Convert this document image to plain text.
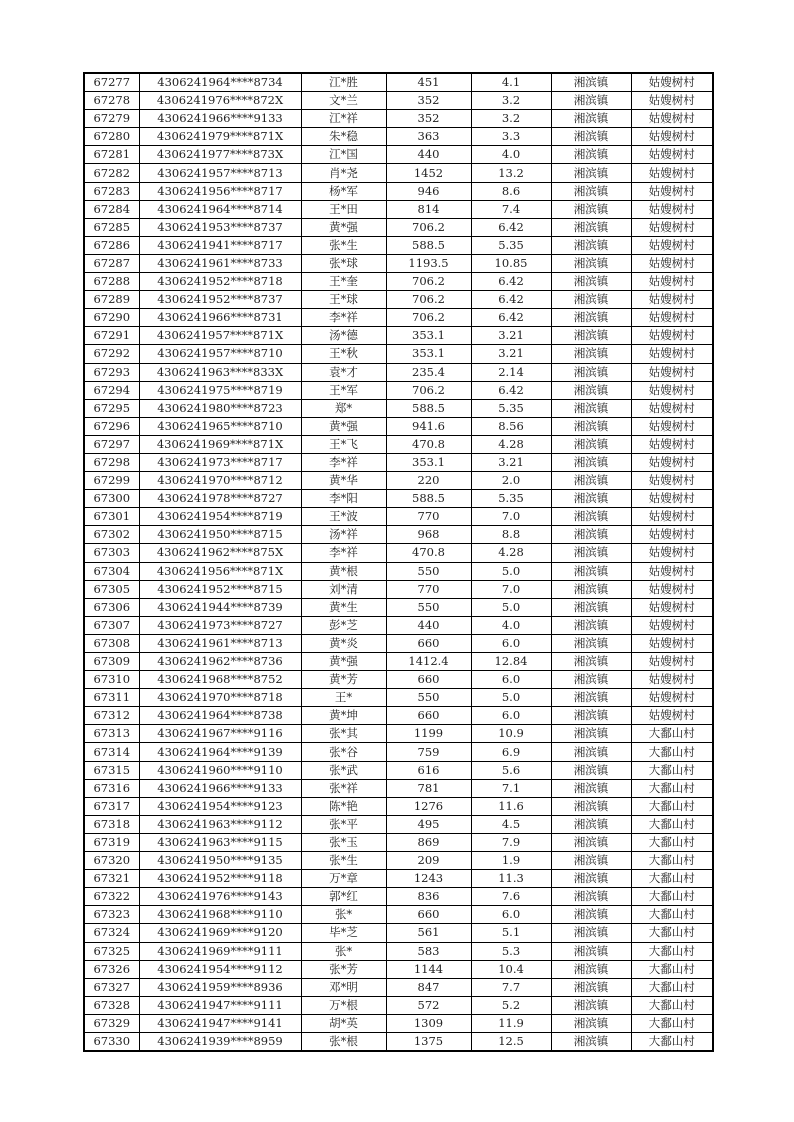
67277	4306241964****8734	江*胜	451	4.1	湘滨镇	姑嫂树村
67278	4306241976****872X	文*兰	352	3.2	湘滨镇	姑嫂树村
67279	4306241966****9133	江*祥	352	3.2	湘滨镇	姑嫂树村
67280	4306241979****871X	朱*稳	363	3.3	湘滨镇	姑嫂树村
67281	4306241977****873X	江*国	440	4.0	湘滨镇	姑嫂树村
67282	4306241957****8713	肖*尧	1452	13.2	湘滨镇	姑嫂树村
67283	4306241956****8717	杨*军	946	8.6	湘滨镇	姑嫂树村
67284	4306241964****8714	王*田	814	7.4	湘滨镇	姑嫂树村
67285	4306241953****8737	黄*强	706.2	6.42	湘滨镇	姑嫂树村
67286	4306241941****8717	张*生	588.5	5.35	湘滨镇	姑嫂树村
67287	4306241961****8733	张*球	1193.5	10.85	湘滨镇	姑嫂树村
67288	4306241952****8718	王*奎	706.2	6.42	湘滨镇	姑嫂树村
67289	4306241952****8737	王*球	706.2	6.42	湘滨镇	姑嫂树村
67290	4306241966****8731	李*祥	706.2	6.42	湘滨镇	姑嫂树村
67291	4306241957****871X	汤*德	353.1	3.21	湘滨镇	姑嫂树村
67292	4306241957****8710	王*秋	353.1	3.21	湘滨镇	姑嫂树村
67293	4306241963****833X	袁*才	235.4	2.14	湘滨镇	姑嫂树村
67294	4306241975****8719	王*军	706.2	6.42	湘滨镇	姑嫂树村
67295	4306241980****8723	郑*	588.5	5.35	湘滨镇	姑嫂树村
67296	4306241965****8710	黄*强	941.6	8.56	湘滨镇	姑嫂树村
67297	4306241969****871X	王*飞	470.8	4.28	湘滨镇	姑嫂树村
67298	4306241973****8717	李*祥	353.1	3.21	湘滨镇	姑嫂树村
67299	4306241970****8712	黄*华	220	2.0	湘滨镇	姑嫂树村
67300	4306241978****8727	李*阳	588.5	5.35	湘滨镇	姑嫂树村
67301	4306241954****8719	王*波	770	7.0	湘滨镇	姑嫂树村
67302	4306241950****8715	汤*祥	968	8.8	湘滨镇	姑嫂树村
67303	4306241962****875X	李*祥	470.8	4.28	湘滨镇	姑嫂树村
67304	4306241956****871X	黄*根	550	5.0	湘滨镇	姑嫂树村
67305	4306241952****8715	刘*清	770	7.0	湘滨镇	姑嫂树村
67306	4306241944****8739	黄*生	550	5.0	湘滨镇	姑嫂树村
67307	4306241973****8727	彭*芝	440	4.0	湘滨镇	姑嫂树村
67308	4306241961****8713	黄*炎	660	6.0	湘滨镇	姑嫂树村
67309	4306241962****8736	黄*强	1412.4	12.84	湘滨镇	姑嫂树村
67310	4306241968****8752	黄*芳	660	6.0	湘滨镇	姑嫂树村
67311	4306241970****8718	王*	550	5.0	湘滨镇	姑嫂树村
67312	4306241964****8738	黄*坤	660	6.0	湘滨镇	姑嫂树村
67313	4306241967****9116	张*其	1199	10.9	湘滨镇	大鄱山村
67314	4306241964****9139	张*谷	759	6.9	湘滨镇	大鄱山村
67315	4306241960****9110	张*武	616	5.6	湘滨镇	大鄱山村
67316	4306241966****9133	张*祥	781	7.1	湘滨镇	大鄱山村
67317	4306241954****9123	陈*艳	1276	11.6	湘滨镇	大鄱山村
67318	4306241963****9112	张*平	495	4.5	湘滨镇	大鄱山村
67319	4306241963****9115	张*玉	869	7.9	湘滨镇	大鄱山村
67320	4306241950****9135	张*生	209	1.9	湘滨镇	大鄱山村
67321	4306241952****9118	万*章	1243	11.3	湘滨镇	大鄱山村
67322	4306241976****9143	郭*红	836	7.6	湘滨镇	大鄱山村
67323	4306241968****9110	张*	660	6.0	湘滨镇	大鄱山村
67324	4306241969****9120	毕*芝	561	5.1	湘滨镇	大鄱山村
67325	4306241969****9111	张*	583	5.3	湘滨镇	大鄱山村
67326	4306241954****9112	张*芳	1144	10.4	湘滨镇	大鄱山村
67327	4306241959****8936	邓*明	847	7.7	湘滨镇	大鄱山村
67328	4306241947****9111	万*根	572	5.2	湘滨镇	大鄱山村
67329	4306241947****9141	胡*英	1309	11.9	湘滨镇	大鄱山村
67330	4306241939****8959	张*根	1375	12.5	湘滨镇	大鄱山村
